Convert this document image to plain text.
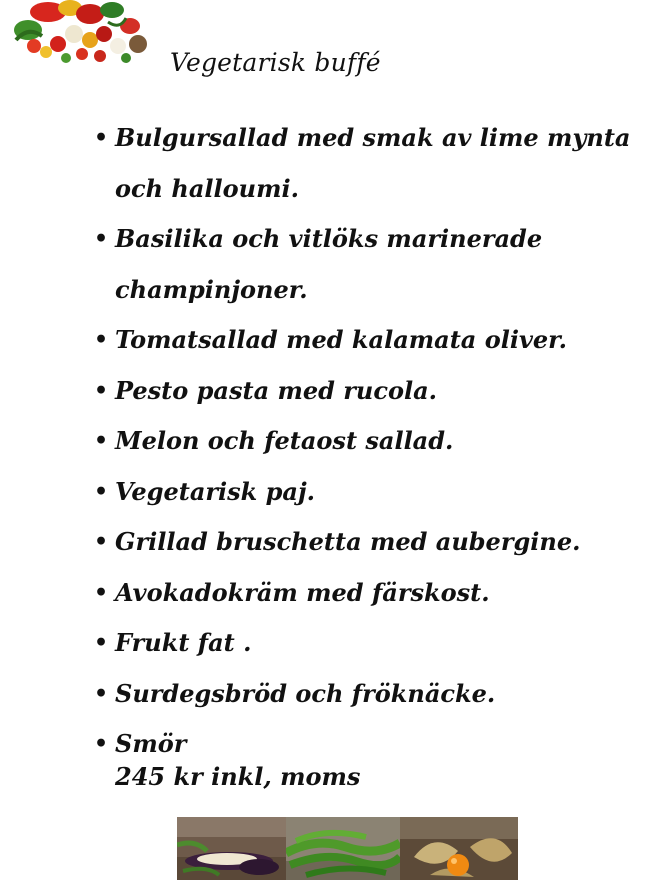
Vegetarisk buffé
• Bulgursallad med smak av lime mynta
och halloumi.
• Basilika och vitlöks marinerade
champinjoner.
• Tomatsallad med kalamata oliver.
• Pesto pasta med rucola.
• Melon och fetaost sallad.
• Vegetarisk paj.
• Grillad bruschetta med aubergine.
• Avokadokräm med färskost.
• Frukt fat .
• Surdegsbröd och fröknäcke.
• Smör
245 kr inkl, moms
